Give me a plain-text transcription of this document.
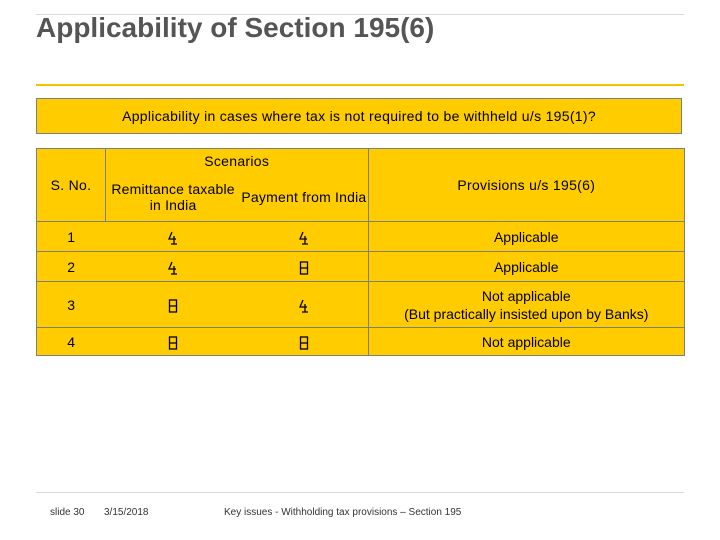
Applicability of Section 195(6)
Applicability in cases where tax is not required to be withheld u/s 195(1)?
S. No.	Scenarios		Provisions u/s 195(6)
	Remittance taxable in India	Payment from India	
1			Applicable

2			Applicable

3			Not applicable
(But practically insisted upon by Banks)

4			Not applicable
slide 30 3/15/2018	Key issues - Withholding tax provisions – Section 195
